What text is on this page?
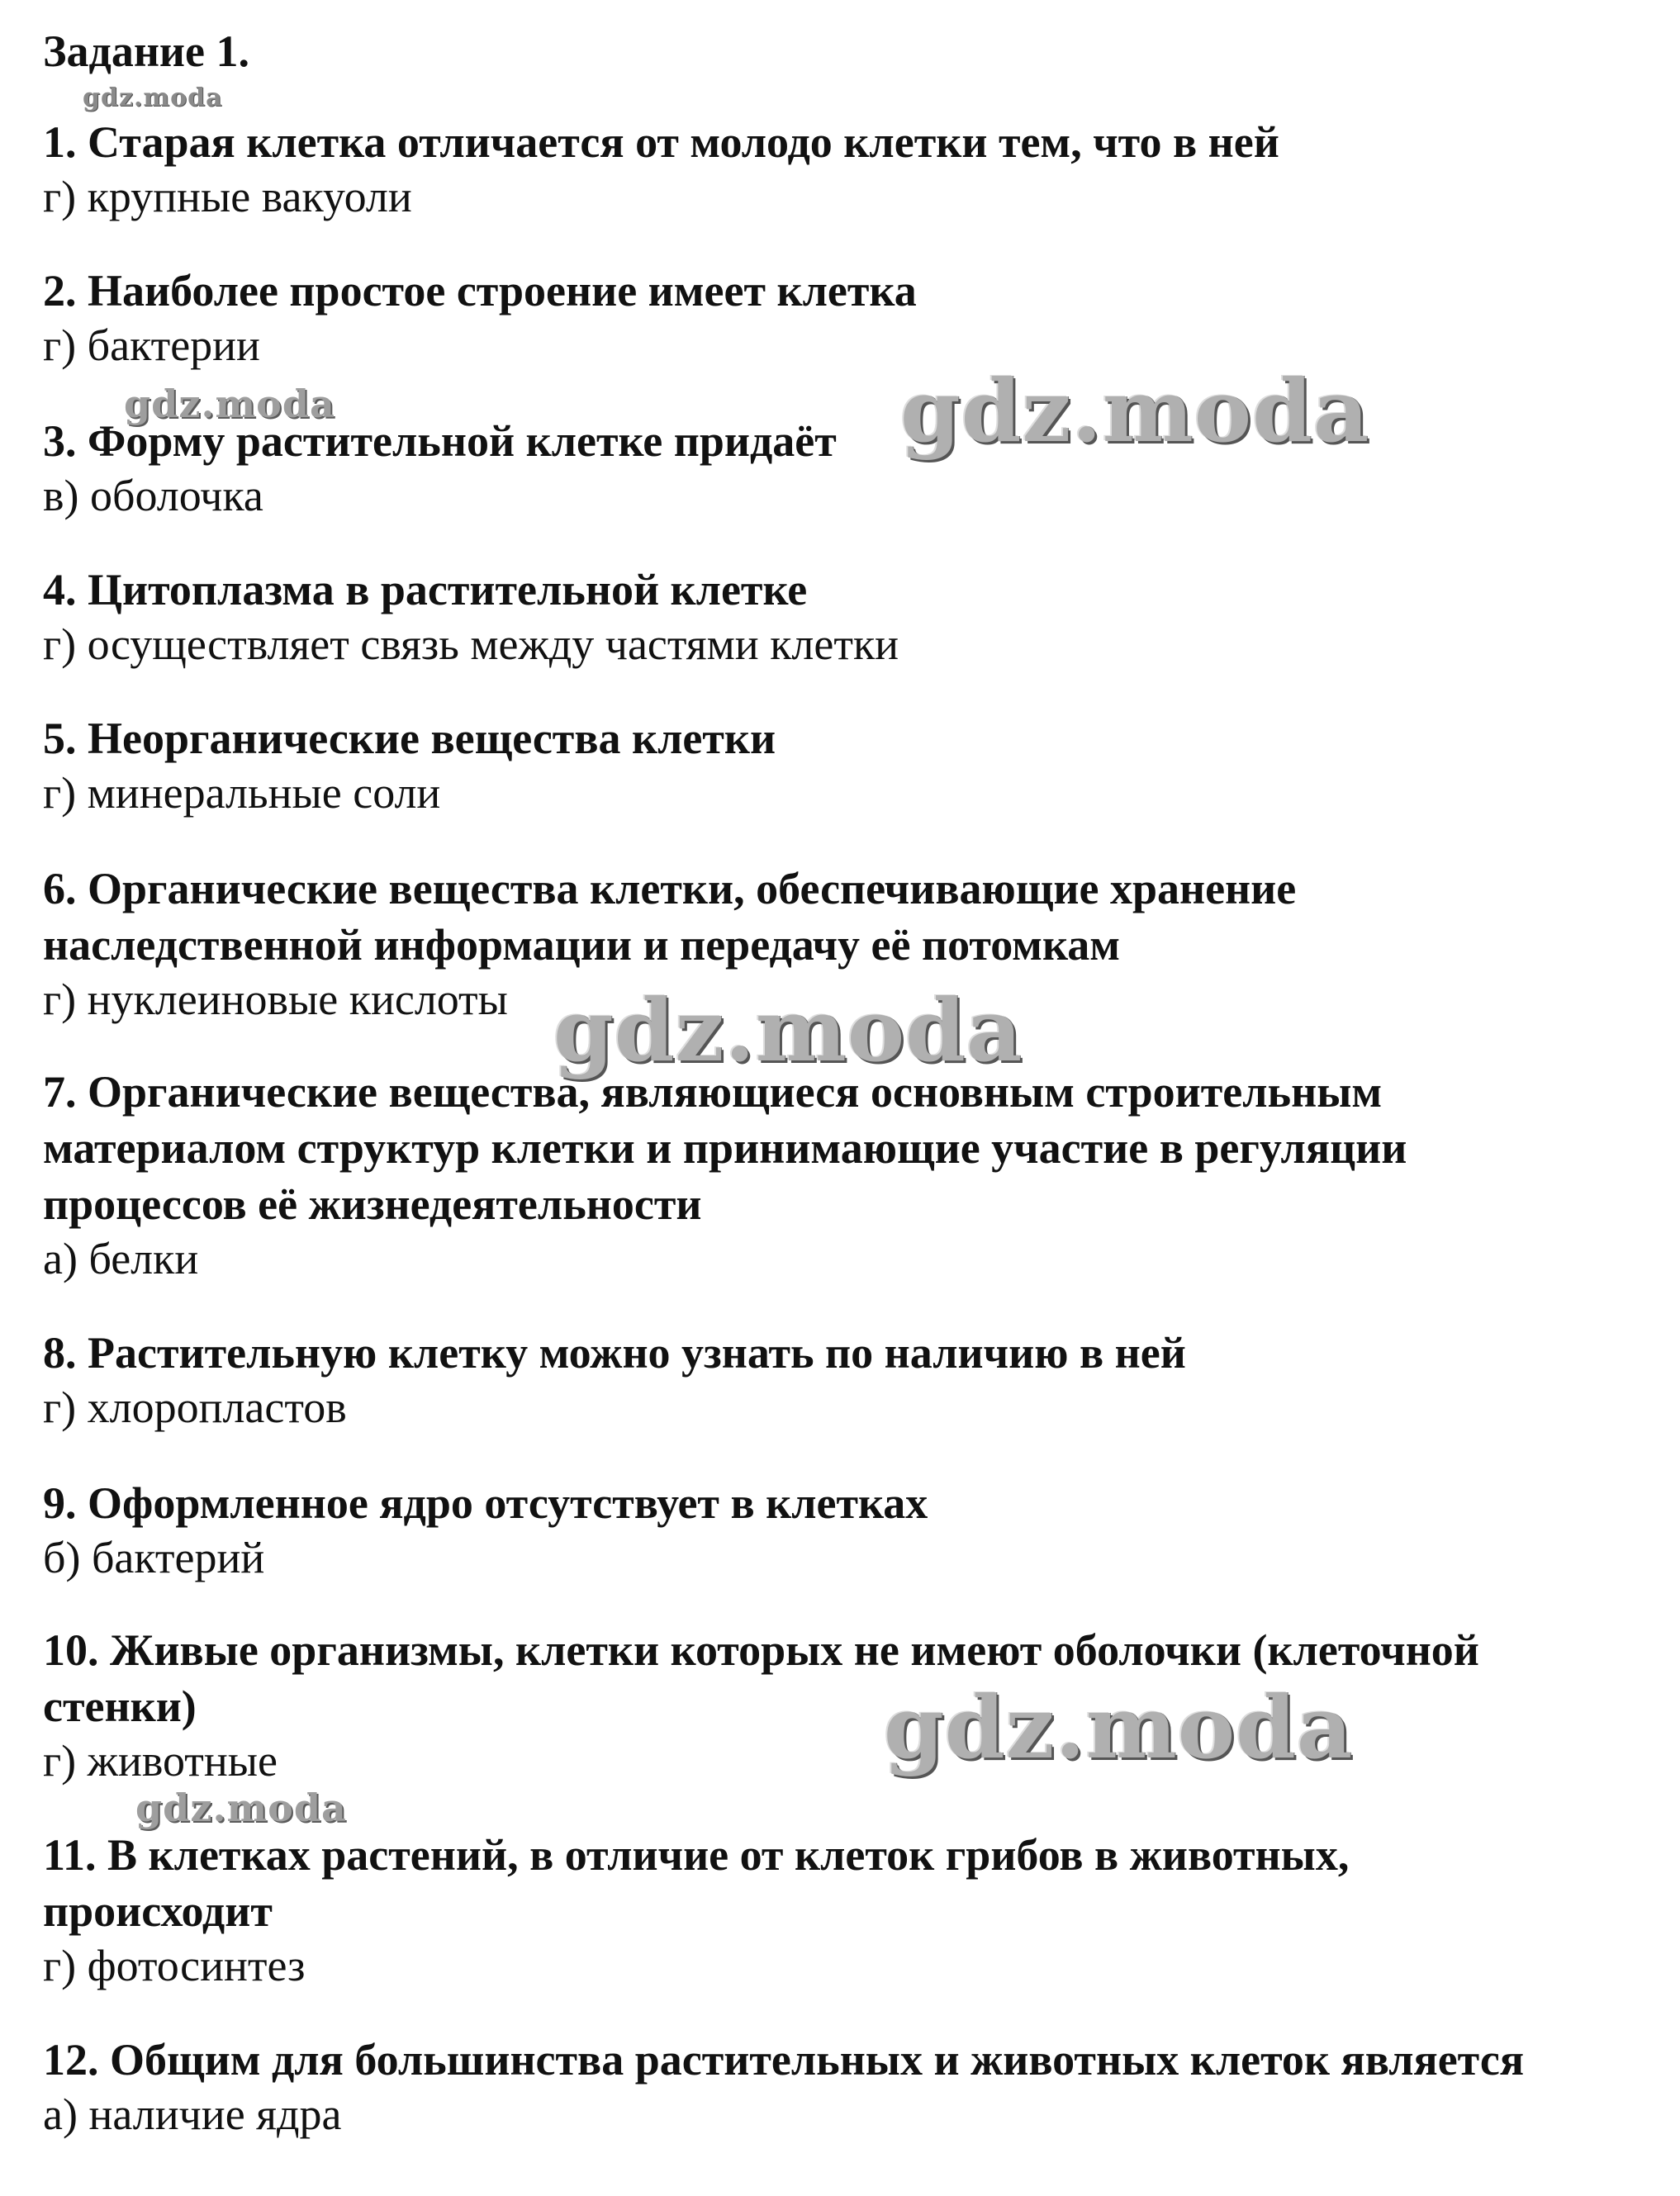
Задание 1.
1. Старая клетка отличается от молодо клетки тем, что в ней
г) крупные вакуоли
2. Наиболее простое строение имеет клетка
г) бактерии
3. Форму растительной клетке придаёт
в) оболочка
4. Цитоплазма в растительной клетке
г) осуществляет связь между частями клетки
5. Неорганические вещества клетки
г) минеральные соли
6. Органические вещества клетки, обеспечивающие хранение
наследственной информации и передачу её потомкам
г) нуклеиновые кислоты
7. Органические вещества, являющиеся основным строительным
материалом структур клетки и принимающие участие в регуляции
процессов её жизнедеятельности
а) белки
8. Растительную клетку можно узнать по наличию в ней
г) хлоропластов
9. Оформленное ядро отсутствует в клетках
б) бактерий
10. Живые организмы, клетки которых не имеют оболочки (клеточной
стенки)
г) животные
11. В клетках растений, в отличие от клеток грибов в животных,
происходит
г) фотосинтез
12. Общим для большинства растительных и животных клеток является
а) наличие ядра
gdz.moda
gdz.moda	gdz.moda
gdz.moda
gdz.moda
gdz.moda
